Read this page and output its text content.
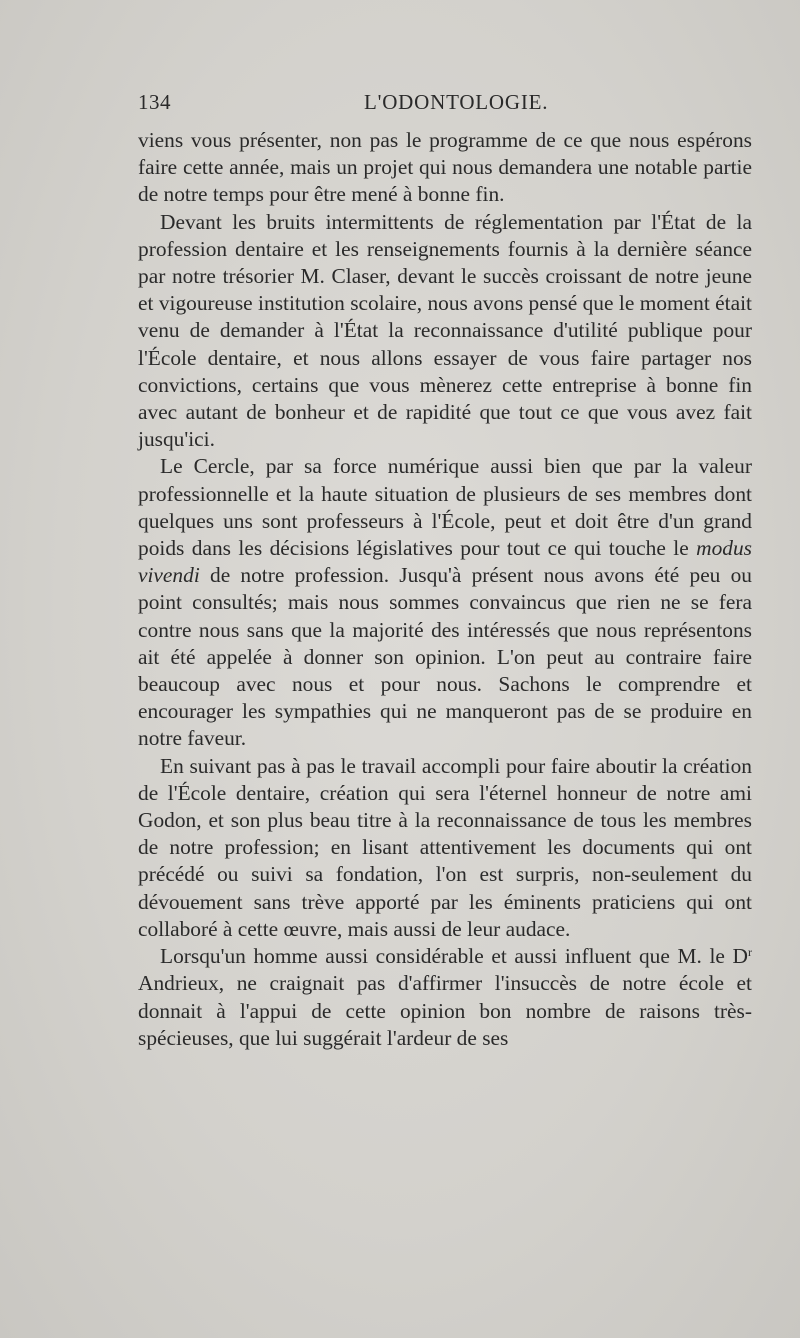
134	L'ODONTOLOGIE.

viens vous présenter, non pas le programme de ce que nous espérons faire cette année, mais un projet qui nous demandera une notable partie de notre temps pour être mené à bonne fin.

Devant les bruits intermittents de réglementation par l'État de la profession dentaire et les renseignements fournis à la dernière séance par notre trésorier M. Claser, devant le succès croissant de notre jeune et vigoureuse institution scolaire, nous avons pensé que le moment était venu de demander à l'État la reconnaissance d'utilité publique pour l'École dentaire, et nous allons essayer de vous faire partager nos convictions, certains que vous mènerez cette entreprise à bonne fin avec autant de bonheur et de rapidité que tout ce que vous avez fait jusqu'ici.

Le Cercle, par sa force numérique aussi bien que par la valeur professionnelle et la haute situation de plusieurs de ses membres dont quelques uns sont professeurs à l'École, peut et doit être d'un grand poids dans les décisions législatives pour tout ce qui touche le modus vivendi de notre profession. Jusqu'à présent nous avons été peu ou point consultés; mais nous sommes convaincus que rien ne se fera contre nous sans que la majorité des intéressés que nous représentons ait été appelée à donner son opinion. L'on peut au contraire faire beaucoup avec nous et pour nous. Sachons le comprendre et encourager les sympathies qui ne manqueront pas de se produire en notre faveur.

En suivant pas à pas le travail accompli pour faire aboutir la création de l'École dentaire, création qui sera l'éternel honneur de notre ami Godon, et son plus beau titre à la reconnaissance de tous les membres de notre profession; en lisant attentivement les documents qui ont précédé ou suivi sa fondation, l'on est surpris, non-seulement du dévouement sans trève apporté par les éminents praticiens qui ont collaboré à cette œuvre, mais aussi de leur audace.

Lorsqu'un homme aussi considérable et aussi influent que M. le $D^r$ Andrieux, ne craignait pas d'affirmer l'insuccès de notre école et donnait à l'appui de cette opinion bon nombre de raisons très-spécieuses, que lui suggérait l'ardeur de ses
